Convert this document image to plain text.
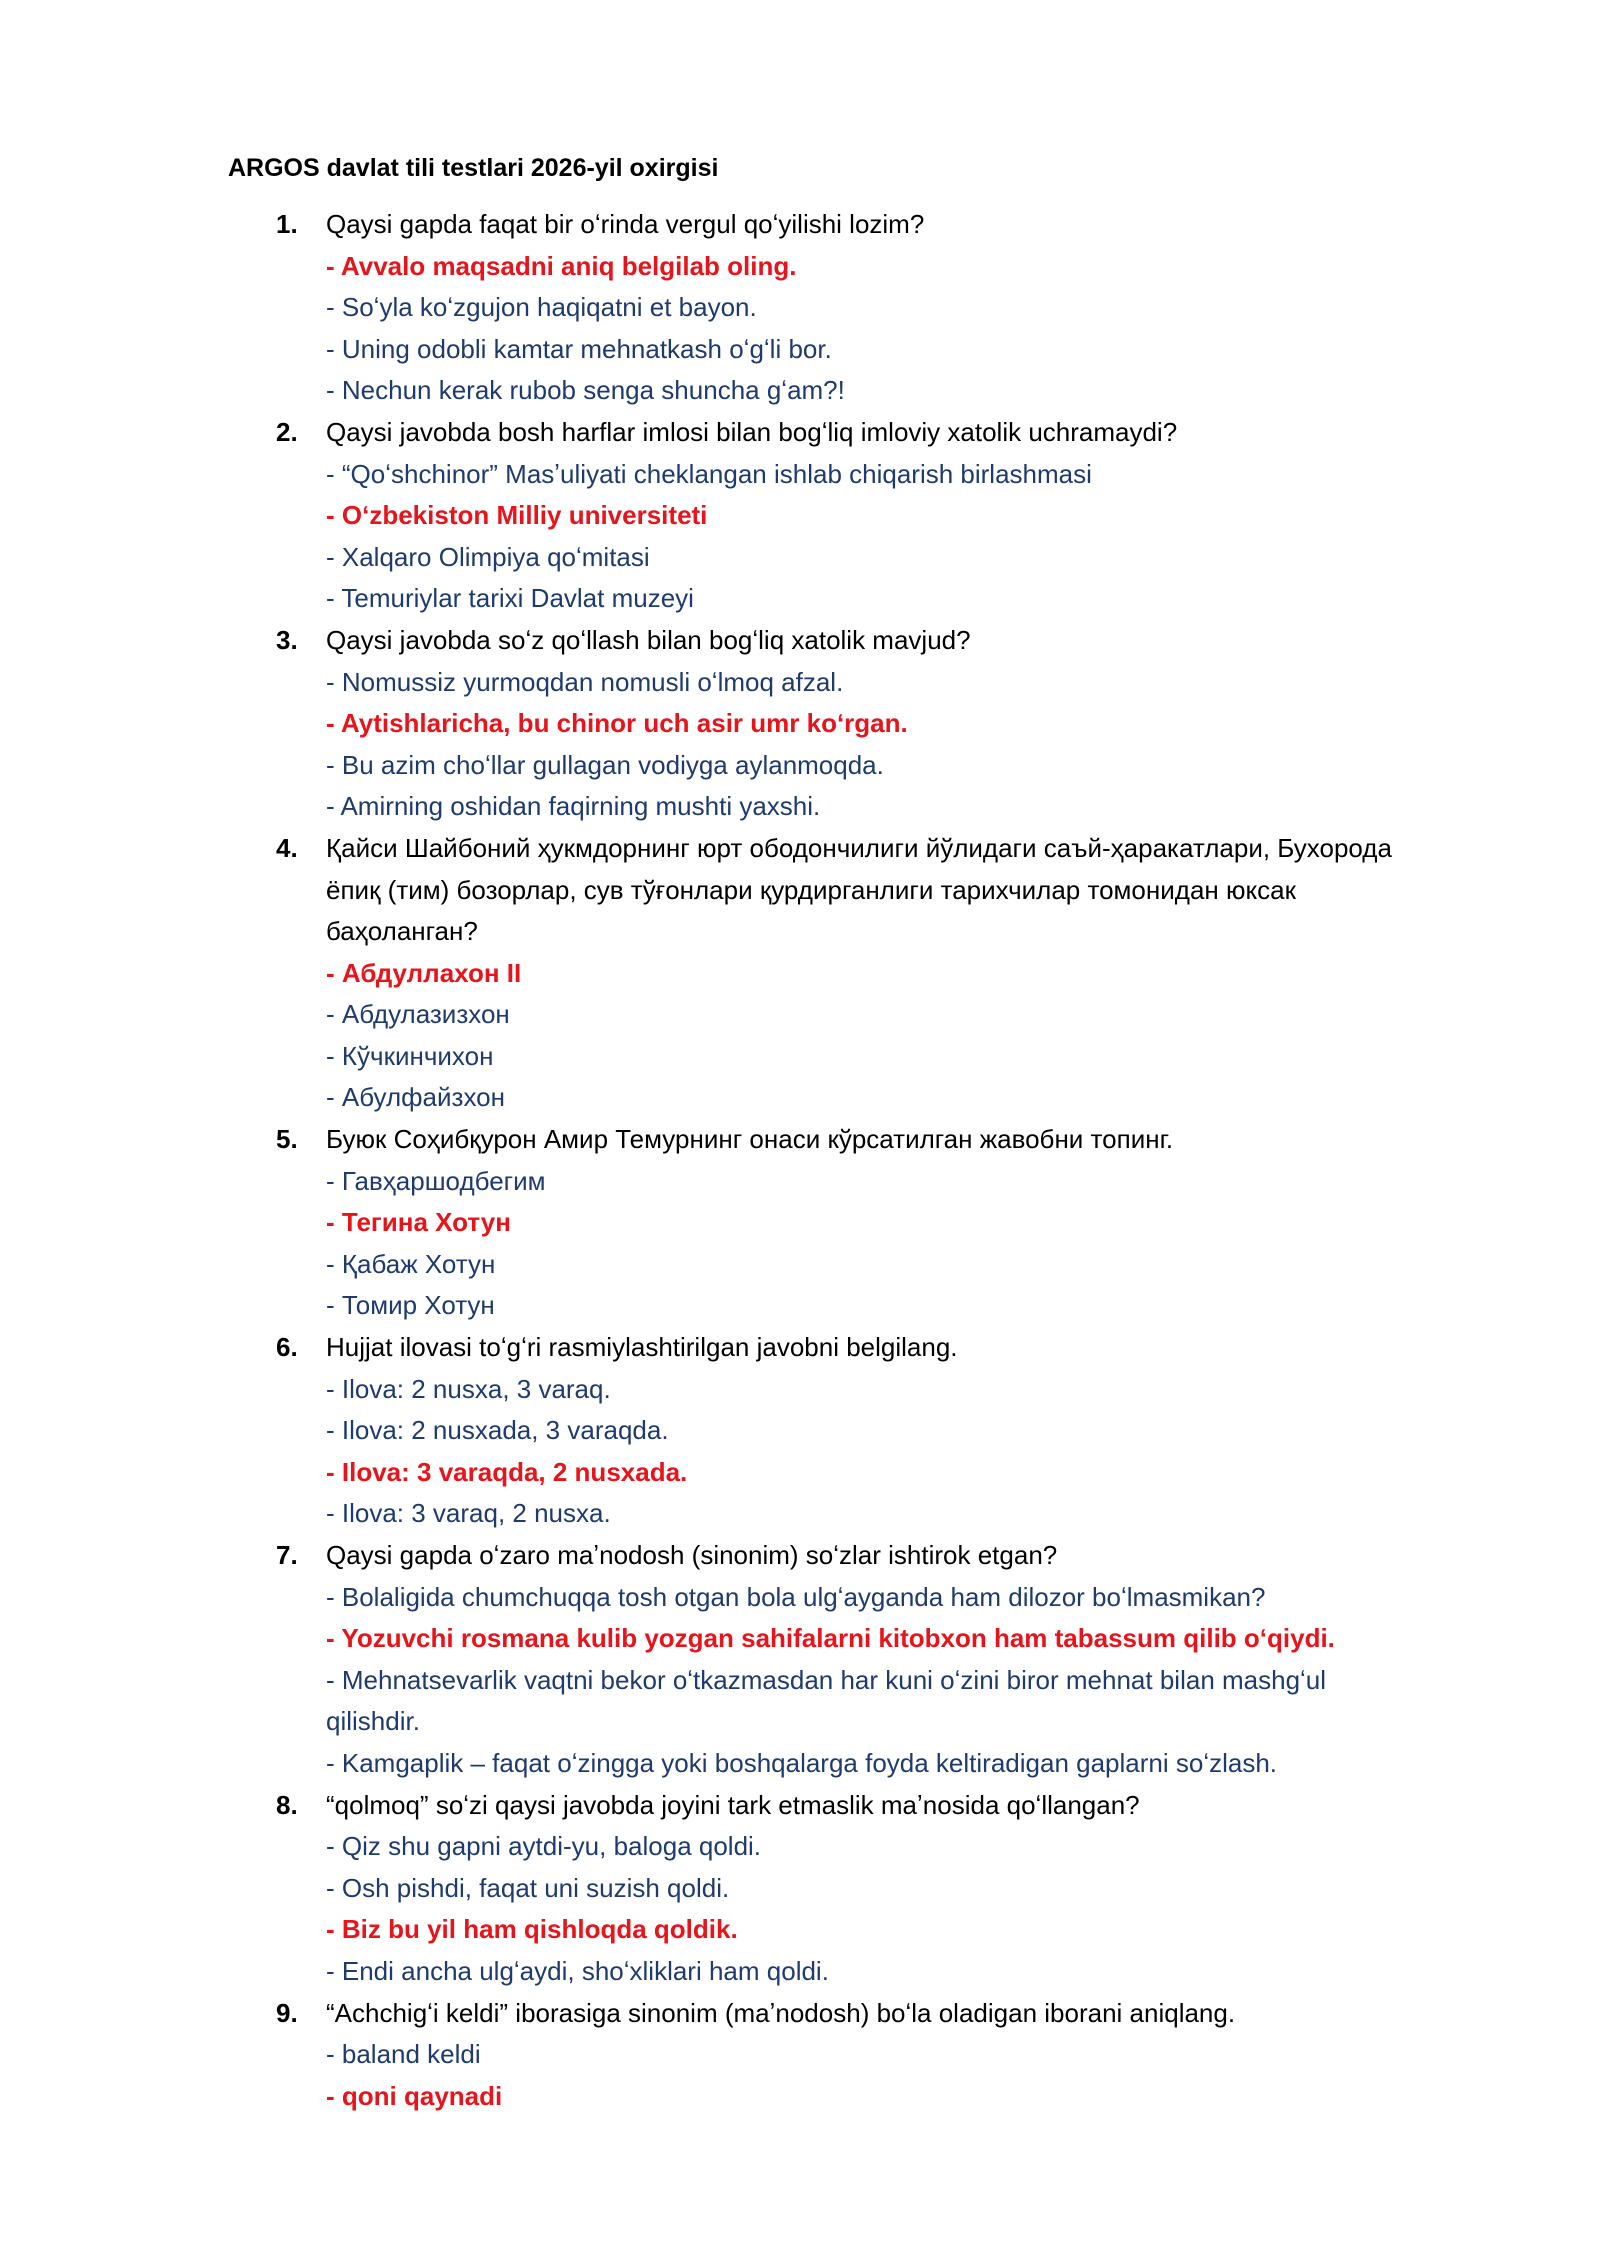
ARGOS davlat tili testlari 2026-yil oxirgisi
1. Qaysi gapda faqat bir oʻrinda vergul qoʻyilishi lozim?
- Avvalo maqsadni aniq belgilab oling.
- Soʻyla koʻzgujon haqiqatni et bayon.
- Uning odobli kamtar mehnatkash oʻgʻli bor.
- Nechun kerak rubob senga shuncha gʻam?!
2. Qaysi javobda bosh harflar imlosi bilan bogʻliq imloviy xatolik uchramaydi?
- “Qoʻshchinor” Masʼuliyati cheklangan ishlab chiqarish birlashmasi
- Oʻzbekiston Milliy universiteti
- Xalqaro Olimpiya qoʻmitasi
- Temuriylar tarixi Davlat muzeyi
3. Qaysi javobda soʻz qoʻllash bilan bogʻliq xatolik mavjud?
- Nomussiz yurmoqdan nomusli oʻlmoq afzal.
- Aytishlaricha, bu chinor uch asir umr koʻrgan.
- Bu azim choʻllar gullagan vodiyga aylanmoqda.
- Amirning oshidan faqirning mushti yaxshi.
4. Қайси Шайбоний ҳукмдорнинг юрт ободончилиги йўлидаги саъй-ҳаракатлари, Бухорода ёпиқ (тим) бозорлар, сув тўғонлари қурдирганлиги тарихчилар томонидан юксак баҳоланган?
- Абдуллахон II
- Абдулазизхон
- Кўчкинчихон
- Абулфайзхон
5. Буюк Соҳибқурон Амир Темурнинг онаси кўрсатилган жавобни топинг.
- Гавҳаршодбегим
- Тегина Хотун
- Қабаж Хотун
- Томир Хотун
6. Hujjat ilovasi toʻgʻri rasmiylashtirilgan javobni belgilang.
- Ilova: 2 nusxa, 3 varaq.
- Ilova: 2 nusxada, 3 varaqda.
- Ilova: 3 varaqda, 2 nusxada.
- Ilova: 3 varaq, 2 nusxa.
7. Qaysi gapda oʻzaro maʼnodosh (sinonim) soʻzlar ishtirok etgan?
- Bolaligida chumchuqqa tosh otgan bola ulgʻayganda ham dilozor boʻlmasmikan?
- Yozuvchi rosmana kulib yozgan sahifalarni kitobxon ham tabassum qilib oʻqiydi.
- Mehnatsevarlik vaqtni bekor oʻtkazmasdan har kuni oʻzini biror mehnat bilan mashgʻul qilishdir.
- Kamgaplik – faqat oʻzingga yoki boshqalarga foyda keltiradigan gaplarni soʻzlash.
8. “qolmoq” soʻzi qaysi javobda joyini tark etmaslik maʼnosida qoʻllangan?
- Qiz shu gapni aytdi-yu, baloga qoldi.
- Osh pishdi, faqat uni suzish qoldi.
- Biz bu yil ham qishloqda qoldik.
- Endi ancha ulgʻaydi, shoʻxliklari ham qoldi.
9. “Achchigʻi keldi” iborasiga sinonim (maʼnodosh) boʻla oladigan iborani aniqlang.
- baland keldi
- qoni qaynadi
